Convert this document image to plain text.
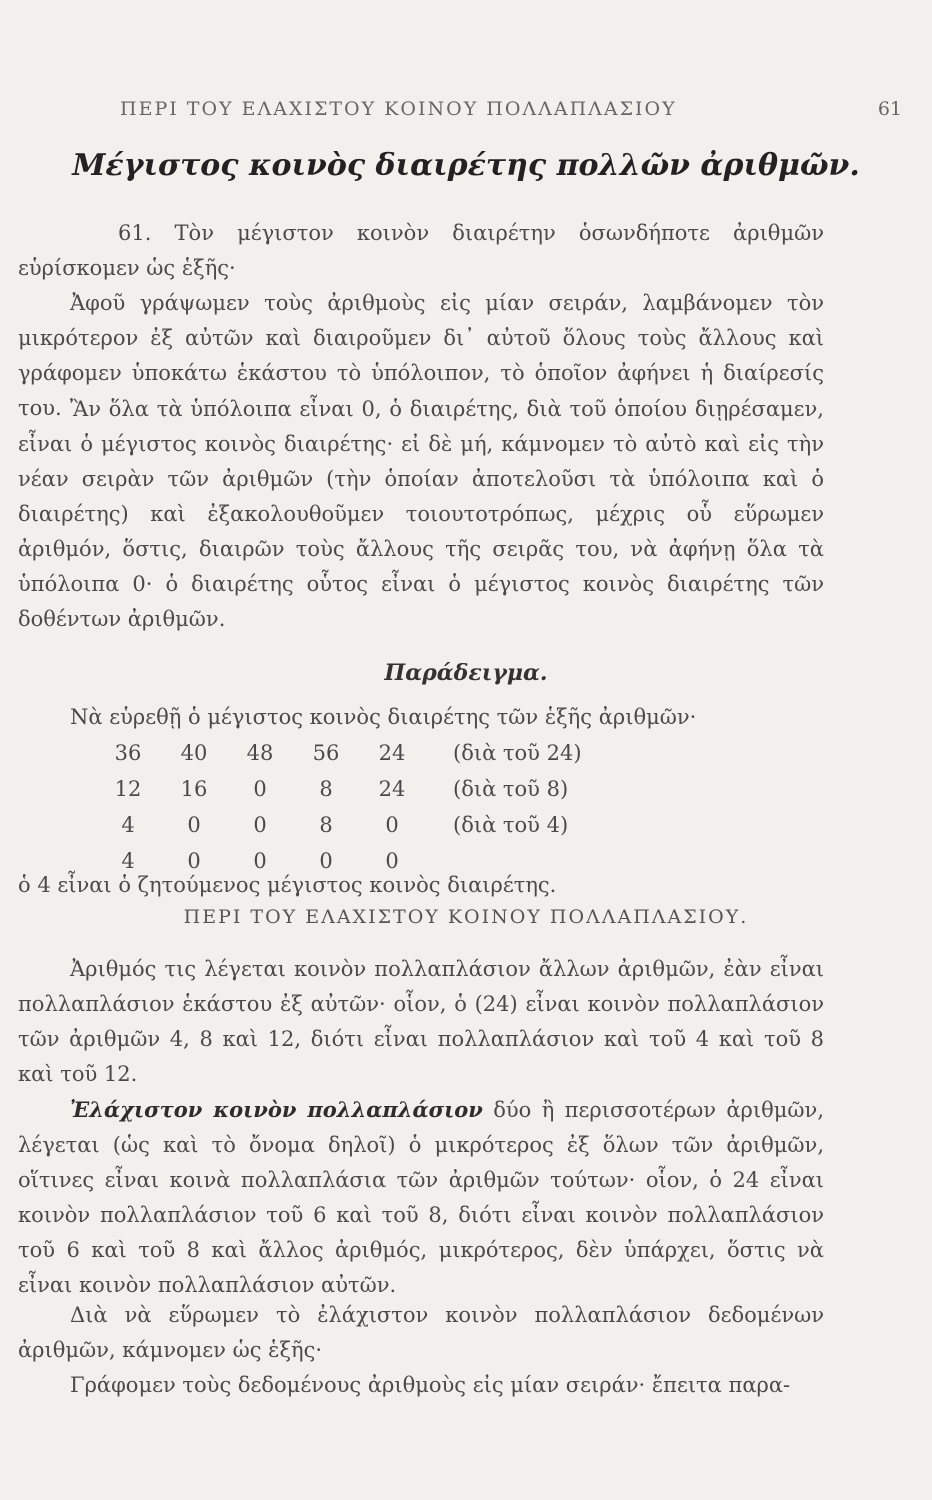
ΠΕΡΙ ΤΟΥ ΕΛΑΧΙΣΤΟΥ ΚΟΙΝΟΥ ΠΟΛΛΑΠΛΑΣΙΟΥ	61
Μέγιστος κοινὸς διαιρέτης πολλῶν ἀριθμῶν.
61. Τὸν μέγιστον κοινὸν διαιρέτην ὁσωνδήποτε ἀριθμῶν εὑρίσκομεν ὡς ἑξῆς·
Ἀφοῦ γράψωμεν τοὺς ἀριθμοὺς εἰς μίαν σειράν, λαμβάνομεν τὸν μικρότερον ἐξ αὐτῶν καὶ διαιροῦμεν δι᾽ αὐτοῦ ὅλους τοὺς ἄλλους καὶ γράφομεν ὑποκάτω ἑκάστου τὸ ὑπόλοιπον, τὸ ὁποῖον ἀφήνει ἡ διαίρεσίς του. Ἂν ὅλα τὰ ὑπόλοιπα εἶναι 0, ὁ διαιρέτης, διὰ τοῦ ὁποίου διῃρέσαμεν, εἶναι ὁ μέγιστος κοινὸς διαιρέτης· εἰ δὲ μή, κάμνομεν τὸ αὐτὸ καὶ εἰς τὴν νέαν σειρὰν τῶν ἀριθμῶν (τὴν ὁποίαν ἀποτελοῦσι τὰ ὑπόλοιπα καὶ ὁ διαιρέτης) καὶ ἐξακολουθοῦμεν τοιουτοτρόπως, μέχρις οὗ εὕρωμεν ἀριθμόν, ὅστις, διαιρῶν τοὺς ἄλλους τῆς σειρᾶς του, νὰ ἀφήνῃ ὅλα τὰ ὑπόλοιπα 0· ὁ διαιρέτης οὗτος εἶναι ὁ μέγιστος κοινὸς διαιρέτης τῶν δοθέντων ἀριθμῶν.
Παράδειγμα.
Νὰ εὑρεθῇ ὁ μέγιστος κοινὸς διαιρέτης τῶν ἑξῆς ἀριθμῶν·
36	40	48	56	24	(διὰ τοῦ 24)
12	16	0	8	24	(διὰ τοῦ 8)
4	0	0	8	0	(διὰ τοῦ 4)
4	0	0	0	0	
ὁ 4 εἶναι ὁ ζητούμενος μέγιστος κοινὸς διαιρέτης.
ΠΕΡΙ ΤΟΥ ΕΛΑΧΙΣΤΟΥ ΚΟΙΝΟΥ ΠΟΛΛΑΠΛΑΣΙΟΥ.
Ἀριθμός τις λέγεται κοινὸν πολλαπλάσιον ἄλλων ἀριθμῶν, ἐὰν εἶναι πολλαπλάσιον ἑκάστου ἐξ αὐτῶν· οἷον, ὁ (24) εἶναι κοινὸν πολλαπλάσιον τῶν ἀριθμῶν 4, 8 καὶ 12, διότι εἶναι πολλαπλάσιον καὶ τοῦ 4 καὶ τοῦ 8 καὶ τοῦ 12.
Ἐλάχιστον κοινὸν πολλαπλάσιον δύο ἢ περισσοτέρων ἀριθμῶν, λέγεται (ὡς καὶ τὸ ὄνομα δηλοῖ) ὁ μικρότερος ἐξ ὅλων τῶν ἀριθμῶν, οἵτινες εἶναι κοινὰ πολλαπλάσια τῶν ἀριθμῶν τούτων· οἷον, ὁ 24 εἶναι κοινὸν πολλαπλάσιον τοῦ 6 καὶ τοῦ 8, διότι εἶναι κοινὸν πολλαπλάσιον τοῦ 6 καὶ τοῦ 8 καὶ ἄλλος ἀριθμός, μικρότερος, δὲν ὑπάρχει, ὅστις νὰ εἶναι κοινὸν πολλαπλάσιον αὐτῶν.
Διὰ νὰ εὕρωμεν τὸ ἐλάχιστον κοινὸν πολλαπλάσιον δεδομένων ἀριθμῶν, κάμνομεν ὡς ἑξῆς·
Γράφομεν τοὺς δεδομένους ἀριθμοὺς εἰς μίαν σειράν· ἔπειτα παρα-
